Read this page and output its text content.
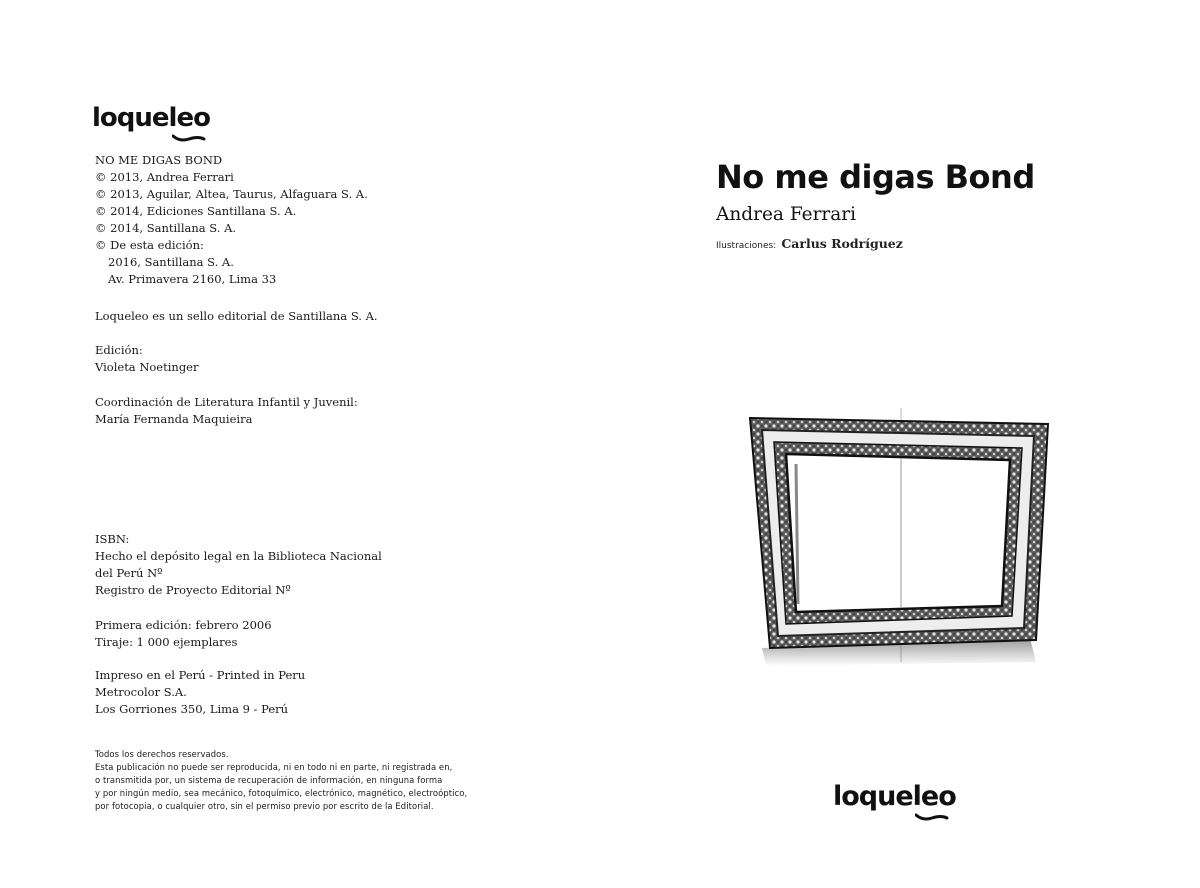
loqueleo
NO ME DIGAS BOND
© 2013, Andrea Ferrari
© 2013, Aguilar, Altea, Taurus, Alfaguara S. A.
© 2014, Ediciones Santillana S. A.
© 2014, Santillana S. A.
© De esta edición:
2016, Santillana S. A.
Av. Primavera 2160, Lima 33
Loqueleo es un sello editorial de Santillana S. A.
Edición:
Violeta Noetinger
Coordinación de Literatura Infantil y Juvenil:
María Fernanda Maquieira
ISBN:
Hecho el depósito legal en la Biblioteca Nacional
del Perú Nº
Registro de Proyecto Editorial Nº
Primera edición: febrero 2006
Tiraje: 1 000 ejemplares
Impreso en el Perú - Printed in Peru
Metrocolor S.A.
Los Gorriones 350, Lima 9 - Perú
Todos los derechos reservados.
Esta publicación no puede ser reproducida, ni en todo ni en parte, ni registrada en,
o transmitida por, un sistema de recuperación de información, en ninguna forma
y por ningún medio, sea mecánico, fotoquímico, electrónico, magnético, electroóptico,
por fotocopia, o cualquier otro, sin el permiso previo por escrito de la Editorial.
No me digas Bond
Andrea Ferrari
Ilustraciones: Carlus Rodríguez
loqueleo
